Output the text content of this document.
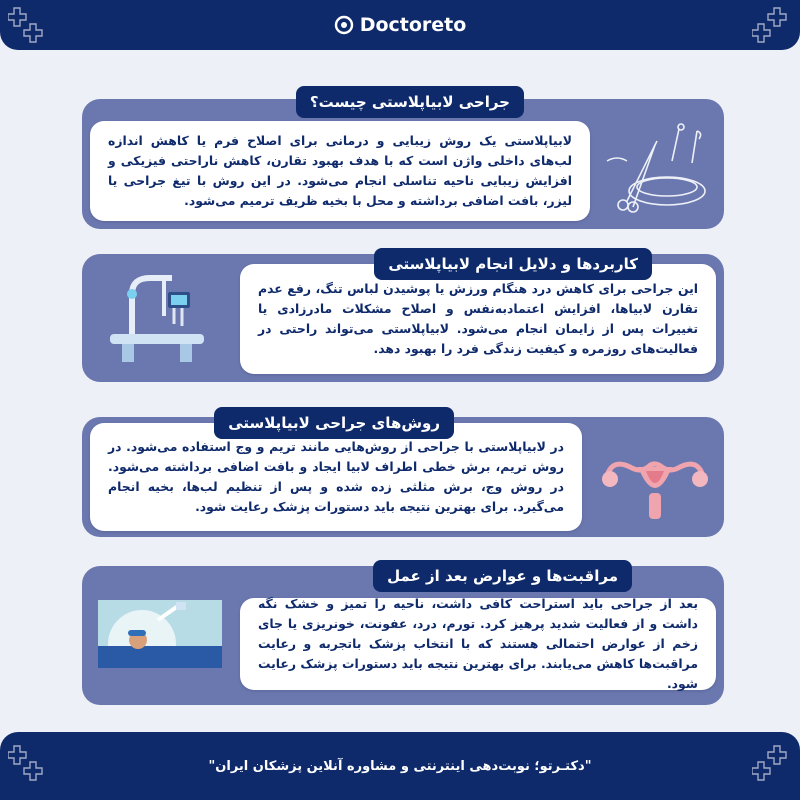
Doctoreto
لابیاپلاستی یک روش زیبایی و درمانی برای اصلاح فرم یا کاهش اندازه لب‌های داخلی واژن است که با هدف بهبود تقارن، کاهش ناراحتی فیزیکی و افزایش زیبایی ناحیه تناسلی انجام می‌شود. در این روش با تیغ جراحی یا لیزر، بافت اضافی برداشته و محل با بخیه ظریف ترمیم می‌شود.
جراحی لابیاپلاستی چیست؟
این جراحی برای کاهش درد هنگام ورزش یا پوشیدن لباس تنگ، رفع عدم تقارن لابیاها، افزایش اعتمادبه‌نفس و اصلاح مشکلات مادرزادی یا تغییرات پس از زایمان انجام می‌شود. لابیاپلاستی می‌تواند راحتی در فعالیت‌های روزمره و کیفیت زندگی فرد را بهبود دهد.
کاربردها و دلایل انجام لابیاپلاستی
در لابیاپلاستی با جراحی از روش‌هایی مانند تریم و وج استفاده می‌شود. در روش تریم، برش خطی اطراف لابیا ایجاد و بافت اضافی برداشته می‌شود. در روش وج، برش مثلثی زده شده و پس از تنظیم لب‌ها، بخیه انجام می‌گیرد. برای بهترین نتیجه باید دستورات پزشک رعایت شود.
روش‌های جراحی لابیاپلاستی
بعد از جراحی باید استراحت کافی داشت، ناحیه را تمیز و خشک نگه داشت و از فعالیت شدید پرهیز کرد. تورم، درد، عفونت، خونریزی یا جای زخم از عوارض احتمالی هستند که با انتخاب پزشک باتجربه و رعایت مراقبت‌ها کاهش می‌یابند. برای بهترین نتیجه باید دستورات پزشک رعایت شود.
مراقبت‌ها و عوارض بعد از عمل
"دکتـرتو؛ نوبت‌دهی اینترنتی و مشاوره آنلاین پزشکان ایران"
